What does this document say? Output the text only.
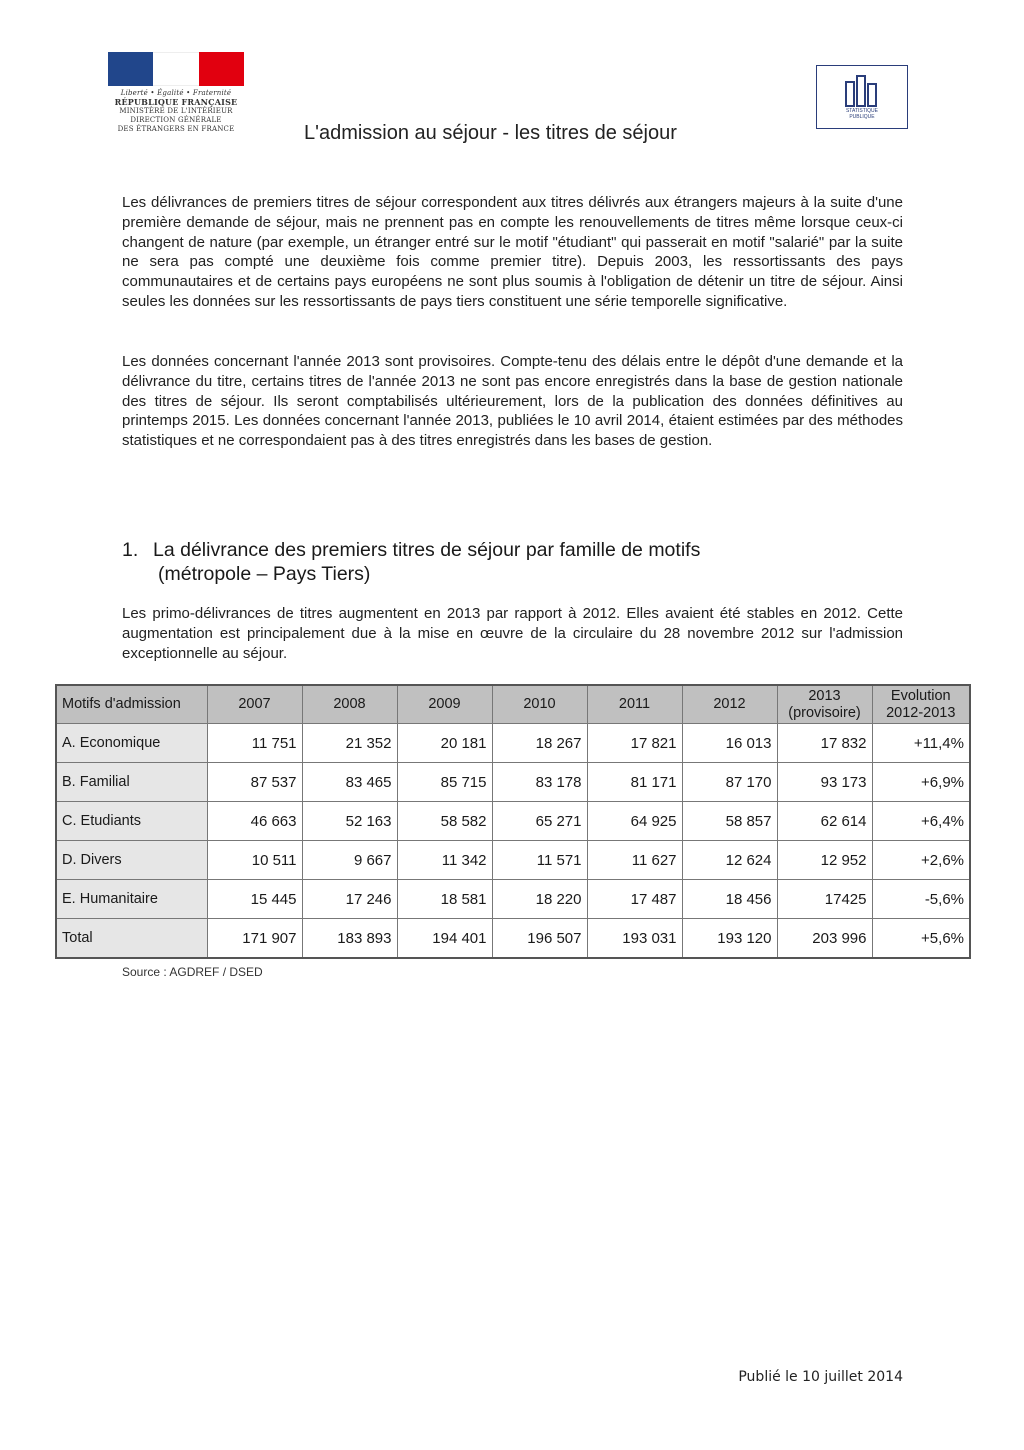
Liberté • Égalité • Fraternité
RÉPUBLIQUE FRANÇAISE
MINISTÈRE DE L'INTÉRIEUR
DIRECTION GÉNÉRALE
DES ÉTRANGERS EN FRANCE
STATISTIQUE
PUBLIQUE
L'admission au séjour - les titres de séjour

Les délivrances de premiers titres de séjour correspondent aux titres délivrés aux étrangers majeurs à la suite d'une première demande de séjour, mais ne prennent pas en compte les renouvellements de titres même lorsque ceux-ci changent de nature (par exemple, un étranger entré sur le motif "étudiant" qui passerait en motif "salarié" par la suite ne sera pas compté une deuxième fois comme premier titre). Depuis 2003, les ressortissants des pays communautaires et de certains pays européens ne sont plus soumis à l'obligation de détenir un titre de séjour. Ainsi seules les données sur les ressortissants de pays tiers constituent une série temporelle significative.

Les données concernant l'année 2013 sont provisoires. Compte-tenu des délais entre le dépôt d'une demande et la délivrance du titre, certains titres de l'année 2013 ne sont pas encore enregistrés dans la base de gestion nationale des titres de séjour. Ils seront comptabilisés ultérieurement, lors de la publication des données définitives au printemps 2015. Les données concernant l'année 2013, publiées le 10 avril 2014, étaient estimées par des méthodes statistiques et ne correspondaient pas à des titres enregistrés dans les bases de gestion.

1. La délivrance des premiers titres de séjour par famille de motifs
(métropole – Pays Tiers)

Les primo-délivrances de titres augmentent en 2013 par rapport à 2012. Elles avaient été stables en 2012. Cette augmentation est principalement due à la mise en œuvre de la circulaire du 28 novembre 2012 sur l'admission exceptionnelle au séjour.

Motifs d'admission	2007	2008	2009	2010	2011	2012	2013 (provisoire)	Evolution 2012-2013
A. Economique	11 751	21 352	20 181	18 267	17 821	16 013	17 832	+11,4%
B. Familial	87 537	83 465	85 715	83 178	81 171	87 170	93 173	+6,9%
C. Etudiants	46 663	52 163	58 582	65 271	64 925	58 857	62 614	+6,4%
D. Divers	10 511	9 667	11 342	11 571	11 627	12 624	12 952	+2,6%
E. Humanitaire	15 445	17 246	18 581	18 220	17 487	18 456	17425	-5,6%
Total	171 907	183 893	194 401	196 507	193 031	193 120	203 996	+5,6%
Source : AGDREF / DSED
Publié le 10 juillet 2014
